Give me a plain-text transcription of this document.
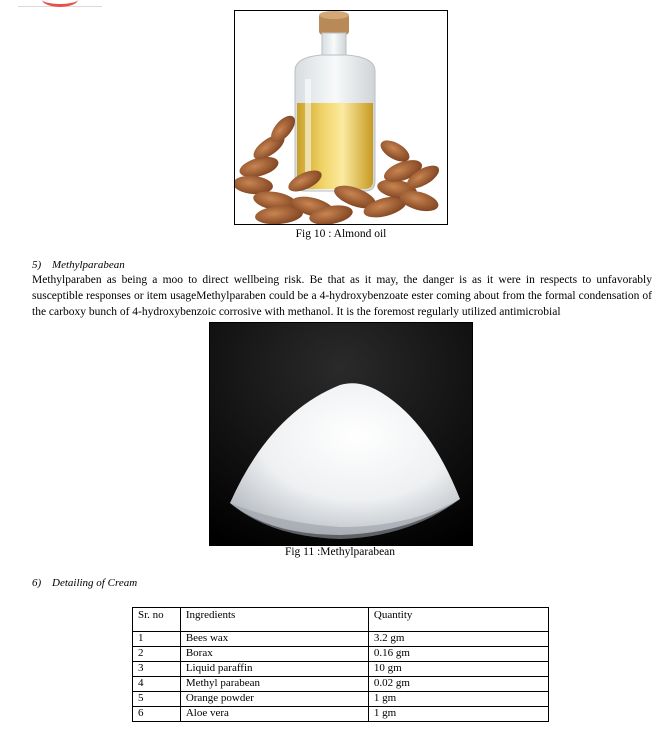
Fig 10 : Almond oil
5) Methylparabean
Methylparaben as being a moo to direct wellbeing risk. Be that as it may, the danger is as it were in respects to unfavorably susceptible responses or item usageMethylparaben could be a 4-hydroxybenzoate ester coming about from the formal condensation of the carboxy bunch of 4-hydroxybenzoic corrosive with methanol. It is the foremost regularly utilized antimicrobial
Fig 11 :Methylparabean
6) Detailing of Cream
Sr. no	Ingredients	Quantity
1	Bees wax	3.2 gm
2	Borax	0.16 gm
3	Liquid paraffin	10 gm
4	Methyl parabean	0.02 gm
5	Orange powder	1 gm
6	Aloe vera	1 gm
